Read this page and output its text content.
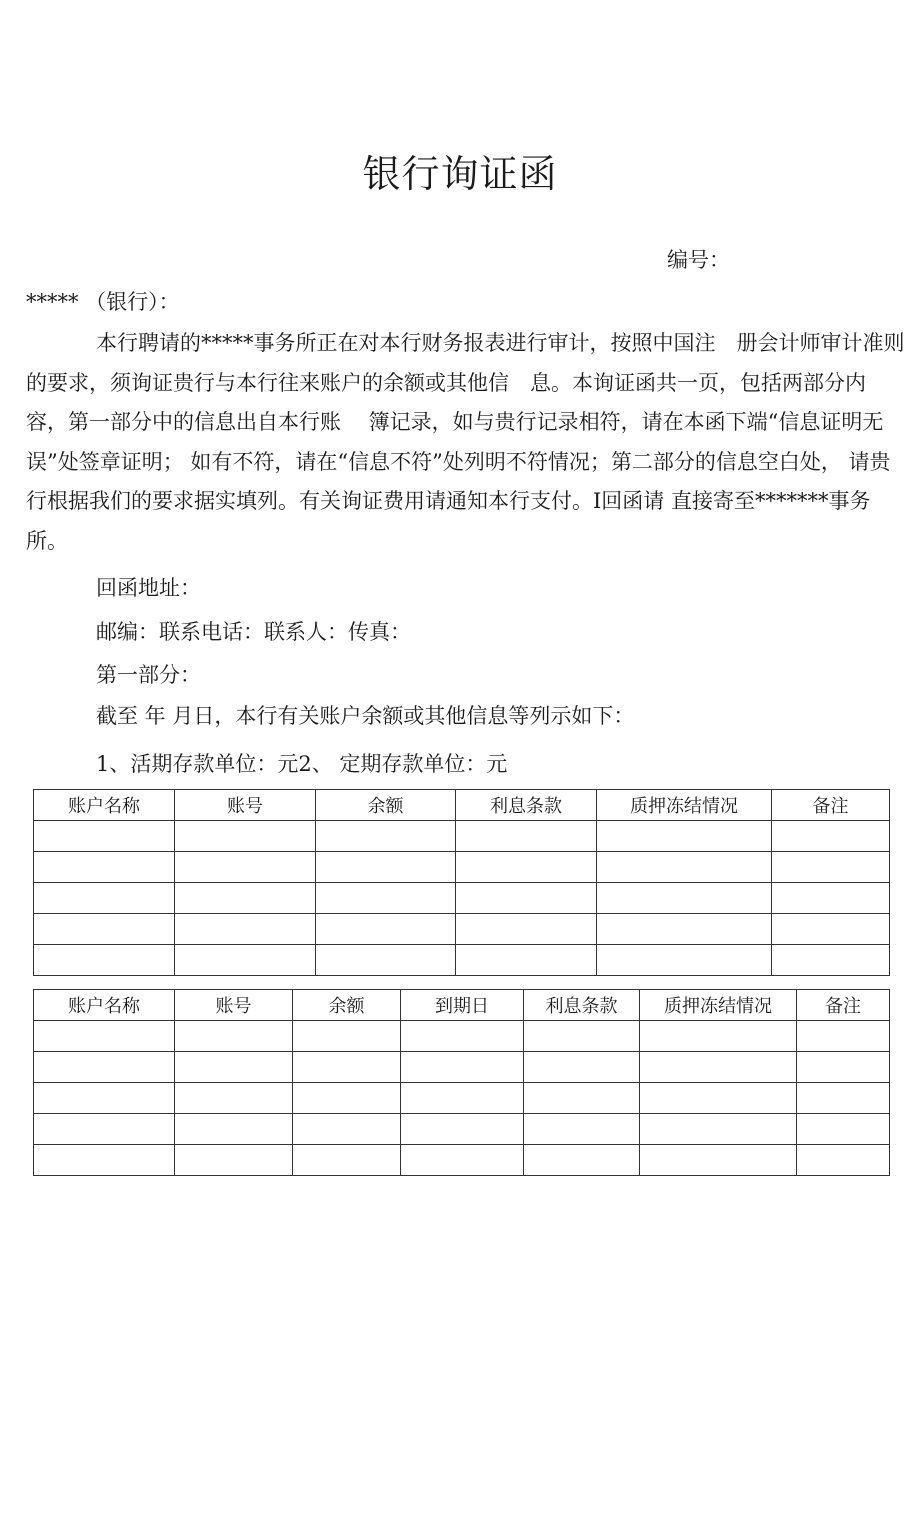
银行询证函
编号：
***** （银行）：
本行聘请的*****事务所正在对本行财务报表进行审计，按照中国注　册会计师审计准则的要求，须询证贵行与本行往来账户的余额或其他信　息。本询证函共一页，包括两部分内容，第一部分中的信息出自本行账　 簿记录，如与贵行记录相符，请在本函下端“信息证明无误”处签章证明； 如有不符，请在“信息不符”处列明不符情况；第二部分的信息空白处， 请贵行根据我们的要求据实填列。有关询证费用请通知本行支付。I回函请 直接寄至*******事务所。
回函地址：
邮编：联系电话：联系人：传真：
第一部分：
截至 年 月日，本行有关账户余额或其他信息等列示如下：
1、活期存款单位：元2、 定期存款单位：元
账户名称	账号	余额	利息条款	质押冻结情况	备注

账户名称	账号	余额	到期日	利息条款	质押冻结情况	备注
